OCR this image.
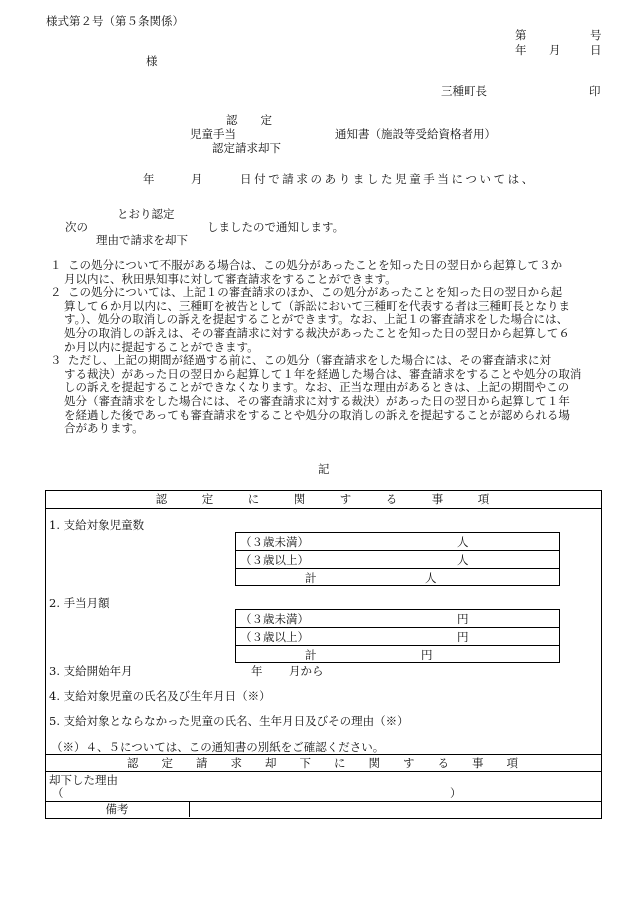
様式第２号（第５条関係）
第	号
年 月	日
様
三種町長	印
認　　定
児童手当	通知書（施設等受給資格者用）
認定請求却下
年	月	日付で請求のありました児童手当については、
とおり認定
次の	しましたので通知します。
理由で請求を却下

１ この処分について不服がある場合は、この処分があったことを知った日の翌日から起算して３か

月以内に、秋田県知事に対して審査請求をすることができます。

２ この処分については、上記１の審査請求のほか、この処分があったことを知った日の翌日から起

算して６か月以内に、三種町を被告として（訴訟において三種町を代表する者は三種町長となりま

す。）、処分の取消しの訴えを提起することができます。なお、上記１の審査請求をした場合には、

処分の取消しの訴えは、その審査請求に対する裁決があったことを知った日の翌日から起算して６

か月以内に提起することができます。

３ ただし、上記の期間が経過する前に、この処分（審査請求をした場合には、その審査請求に対

する裁決）があった日の翌日から起算して１年を経過した場合は、審査請求をすることや処分の取消

しの訴えを提起することができなくなります。なお、正当な理由があるときは、上記の期間やこの

処分（審査請求をした場合には、その審査請求に対する裁決）があった日の翌日から起算して１年

を経過した後であっても審査請求をすることや処分の取消しの訴えを提起することが認められる場

合があります。

記
認　　　定　　　に　　　関　　　す　　　る　　　事　　　項
1. 支給対象児童数
（３歳未満）	人
（３歳以上）	人
計	人
2. 手当月額
（３歳未満）	円
（３歳以上）	円
計	円
3. 支給開始年月	年 月から
4. 支給対象児童の氏名及び生年月日（※）
5. 支給対象とならなかった児童の氏名、生年月日及びその理由（※）
（※）４、５については、この通知書の別紙をご確認ください。
認　　定　　請　　求　　却　　下　　に　　関　　す　　る　　事　　項
却下した理由
（	）
備考
